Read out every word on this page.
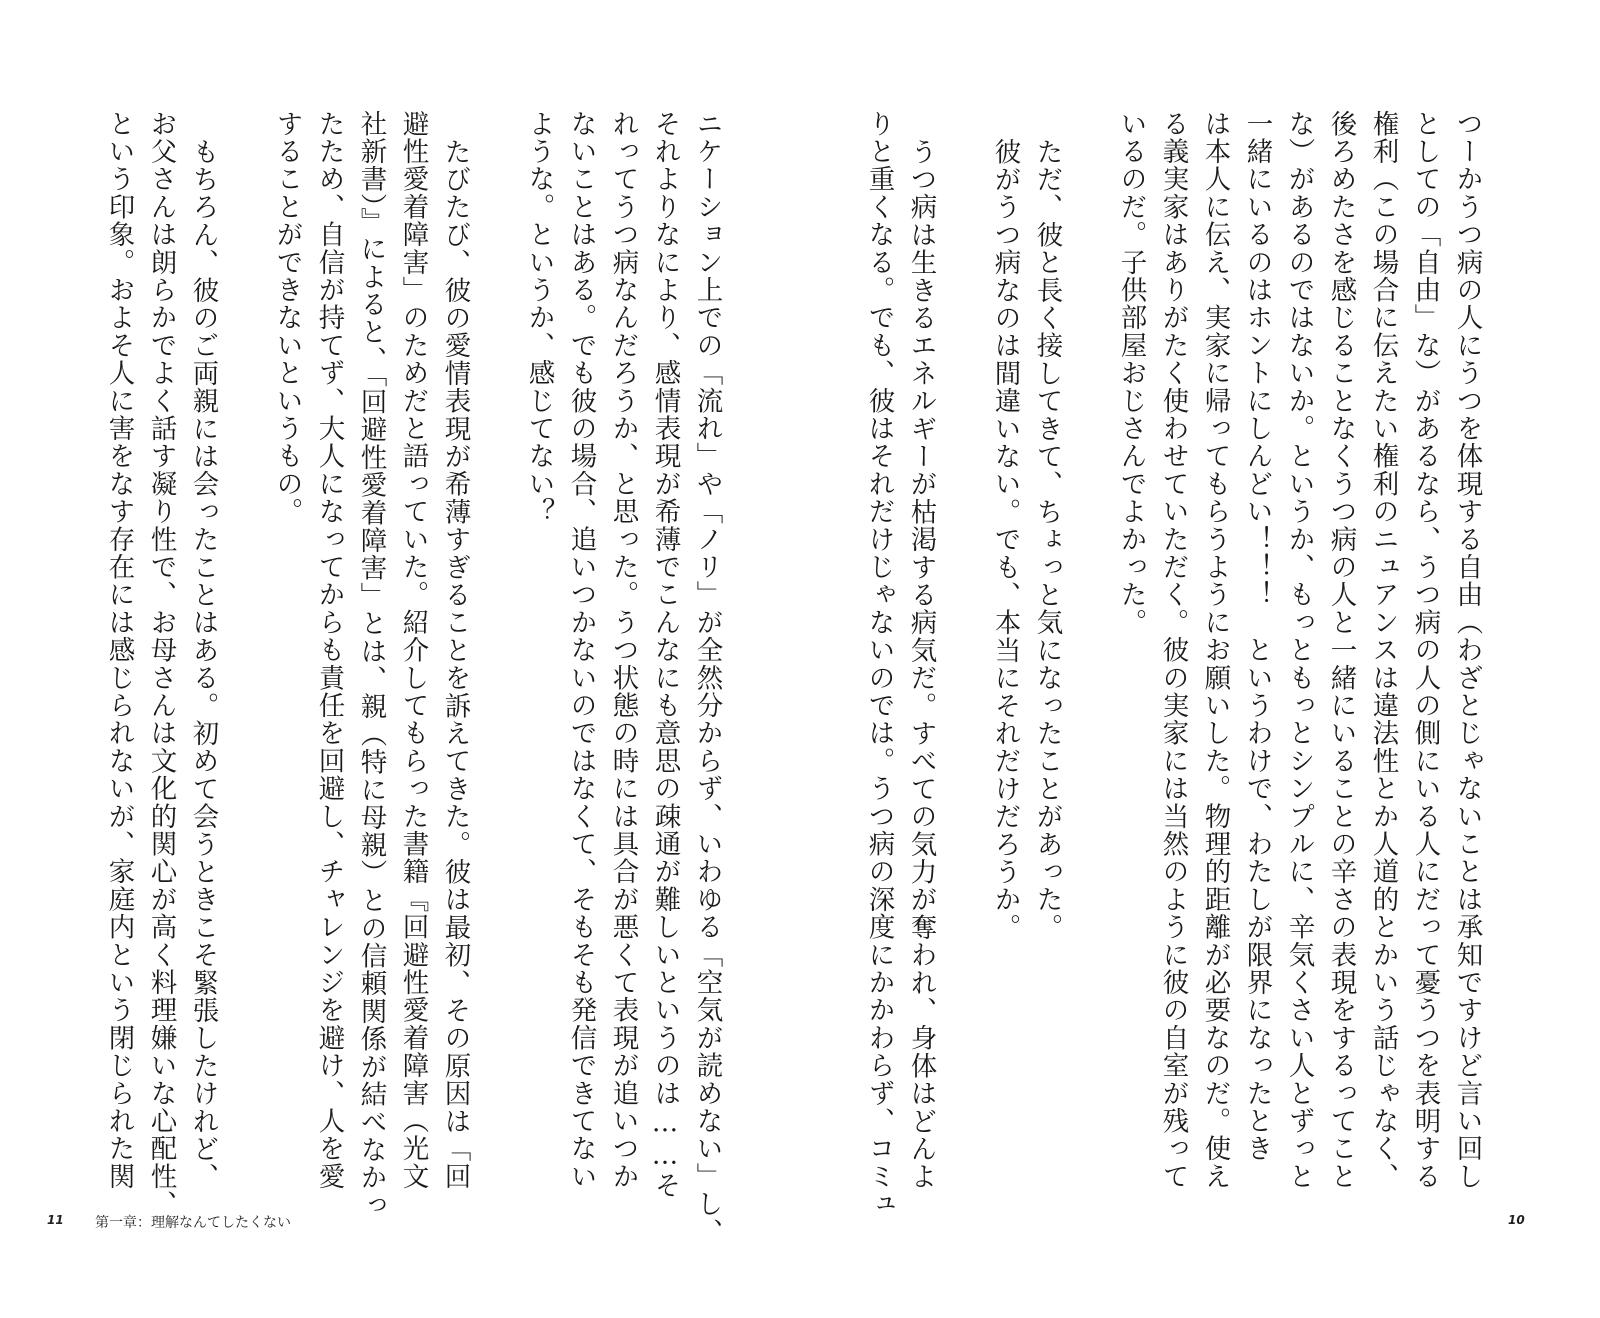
つーかうつ病の人にうつを体現する自由（わざとじゃないことは承知ですけど言い回し
としての「自由」な）があるなら、うつ病の人の側にいる人にだって憂うつを表明する
権利（この場合に伝えたい権利のニュアンスは違法性とか人道的とかいう話じゃなく、
後ろめたさを感じることなくうつ病の人と一緒にいることの辛さの表現をするってこと
な）があるのではないか。というか、もっともっとシンプルに、辛気くさい人とずっと
一緒にいるのはホントにしんどい！！！　というわけで、わたしが限界になったとき
は本人に伝え、実家に帰ってもらうようにお願いした。物理的距離が必要なのだ。使え
る義実家はありがたく使わせていただく。彼の実家には当然のように彼の自室が残って
いるのだ。子供部屋おじさんでよかった。
ただ、彼と長く接してきて、ちょっと気になったことがあった。
彼がうつ病なのは間違いない。でも、本当にそれだけだろうか。
うつ病は生きるエネルギーが枯渇する病気だ。すべての気力が奪われ、身体はどんよ
りと重くなる。でも、彼はそれだけじゃないのでは。うつ病の深度にかかわらず、コミュ
10
ニケーション上での「流れ」や「ノリ」が全然分からず、いわゆる「空気が読めない」し、
それよりなにより、感情表現が希薄でこんなにも意思の疎通が難しいというのは……そ
れってうつ病なんだろうか、と思った。うつ状態の時には具合が悪くて表現が追いつか
ないことはある。でも彼の場合、追いつかないのではなくて、そもそも発信できてない
ような。というか、感じてない？
たびたび、彼の愛情表現が希薄すぎることを訴えてきた。彼は最初、その原因は「回
避性愛着障害」のためだと語っていた。紹介してもらった書籍『回避性愛着障害（光文
社新書）』によると、「回避性愛着障害」とは、親（特に母親）との信頼関係が結べなかっ
たため、自信が持てず、大人になってからも責任を回避し、チャレンジを避け、人を愛
することができないというもの。
もちろん、彼のご両親には会ったことはある。初めて会うときこそ緊張したけれど、
お父さんは朗らかでよく話す凝り性で、お母さんは文化的関心が高く料理嫌いな心配性、
という印象。およそ人に害をなす存在には感じられないが、家庭内という閉じられた関
11 第一章：理解なんてしたくない
